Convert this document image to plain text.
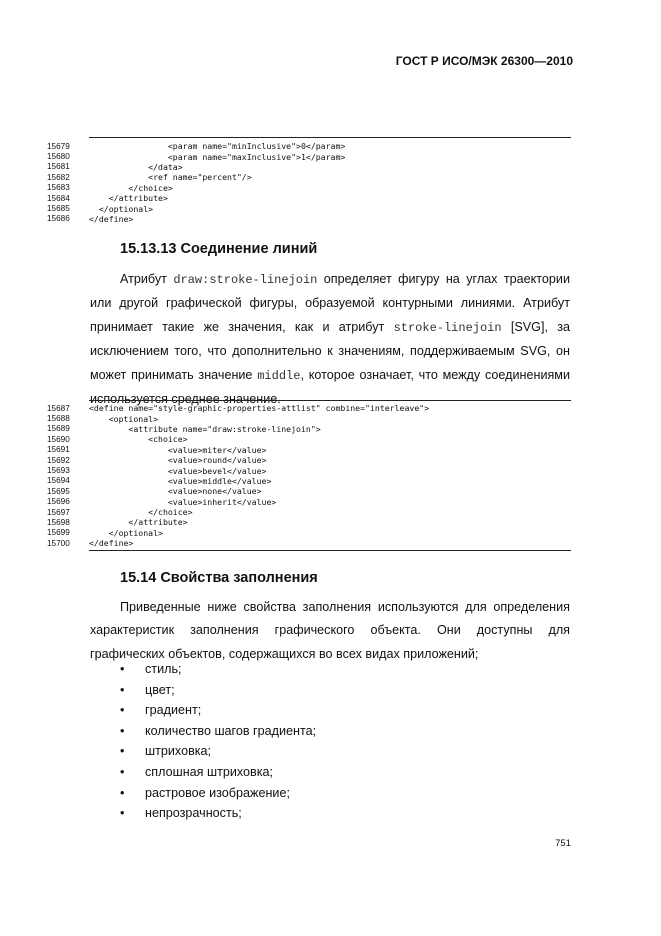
ГОСТ Р ИСО/МЭК 26300—2010
15679	<param name="minInclusive">0</param>
15680	<param name="maxInclusive">1</param>
15681	</data>
15682	<ref name="percent"/>
15683	</choice>
15684	</attribute>
15685	</optional>
15686	</define>
15.13.13 Соединение линий
Атрибут draw:stroke-linejoin определяет фигуру на углах траектории или другой графической фигуры, образуемой контурными линиями. Атрибут принимает такие же значения, как и атрибут stroke-linejoin [SVG], за исключением того, что дополнительно к значениям, поддерживаемым SVG, он может принимать значение middle, которое означает, что между соединениями используется среднее значение.
15687	<define name="style-graphic-properties-attlist" combine="interleave">
15688	<optional>
15689	<attribute name="draw:stroke-linejoin">
15690	<choice>
15691	<value>miter</value>
15692	<value>round</value>
15693	<value>bevel</value>
15694	<value>middle</value>
15695	<value>none</value>
15696	<value>inherit</value>
15697	</choice>
15698	</attribute>
15699	</optional>
15700	</define>
15.14 Свойства заполнения
Приведенные ниже свойства заполнения используются для определения характеристик заполнения графического объекта. Они доступны для графических объектов, содержащихся во всех видах приложений;
•	стиль;
•	цвет;
•	градиент;
•	количество шагов градиента;
•	штриховка;
•	сплошная штриховка;
•	растровое изображение;
•	непрозрачность;
751
